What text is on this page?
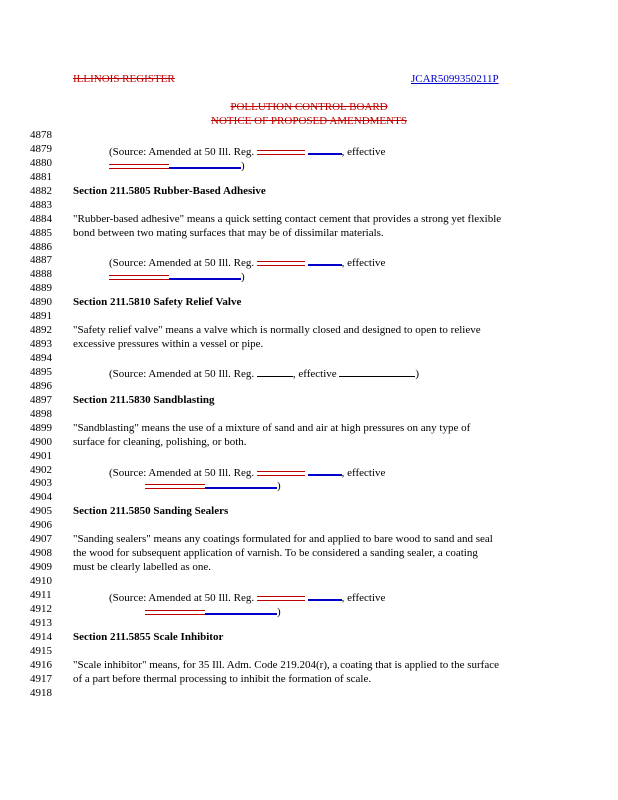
ILLINOIS REGISTER	JCAR5099350211P
POLLUTION CONTROL BOARD
NOTICE OF PROPOSED AMENDMENTS
4878
4879	(Source: Amended at 50 Ill. Reg.	, effective
4880	)
4881
4882	Section 211.5805 Rubber-Based Adhesive
4883
4884	"Rubber-based adhesive" means a quick setting contact cement that provides a strong yet flexible
4885	bond between two mating surfaces that may be of dissimilar materials.
4886
4887	(Source: Amended at 50 Ill. Reg.	, effective
4888	)
4889
4890	Section 211.5810 Safety Relief Valve
4891
4892	"Safety relief valve" means a valve which is normally closed and designed to open to relieve
4893	excessive pressures within a vessel or pipe.
4894
4895	(Source: Amended at 50 Ill. Reg.	, effective	)
4896
4897	Section 211.5830 Sandblasting
4898
4899	"Sandblasting" means the use of a mixture of sand and air at high pressures on any type of
4900	surface for cleaning, polishing, or both.
4901
4902	(Source: Amended at 50 Ill. Reg.	, effective
4903	)
4904
4905	Section 211.5850 Sanding Sealers
4906
4907	"Sanding sealers" means any coatings formulated for and applied to bare wood to sand and seal
4908	the wood for subsequent application of varnish. To be considered a sanding sealer, a coating
4909	must be clearly labelled as one.
4910
4911	(Source: Amended at 50 Ill. Reg.	, effective
4912	)
4913
4914	Section 211.5855 Scale Inhibitor
4915
4916	"Scale inhibitor" means, for 35 Ill. Adm. Code 219.204(r), a coating that is applied to the surface
4917	of a part before thermal processing to inhibit the formation of scale.
4918
